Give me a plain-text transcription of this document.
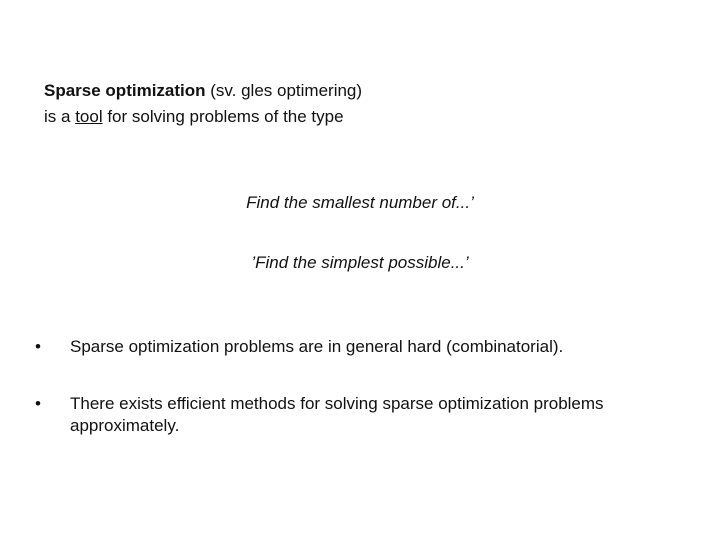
Sparse optimization (sv. gles optimering)
is a tool for solving problems of the type
Find the smallest number of...’
’Find the simplest possible...’
•	Sparse optimization problems are in general hard (combinatorial).
•	There exists efficient methods for solving sparse optimization problems approximately.
